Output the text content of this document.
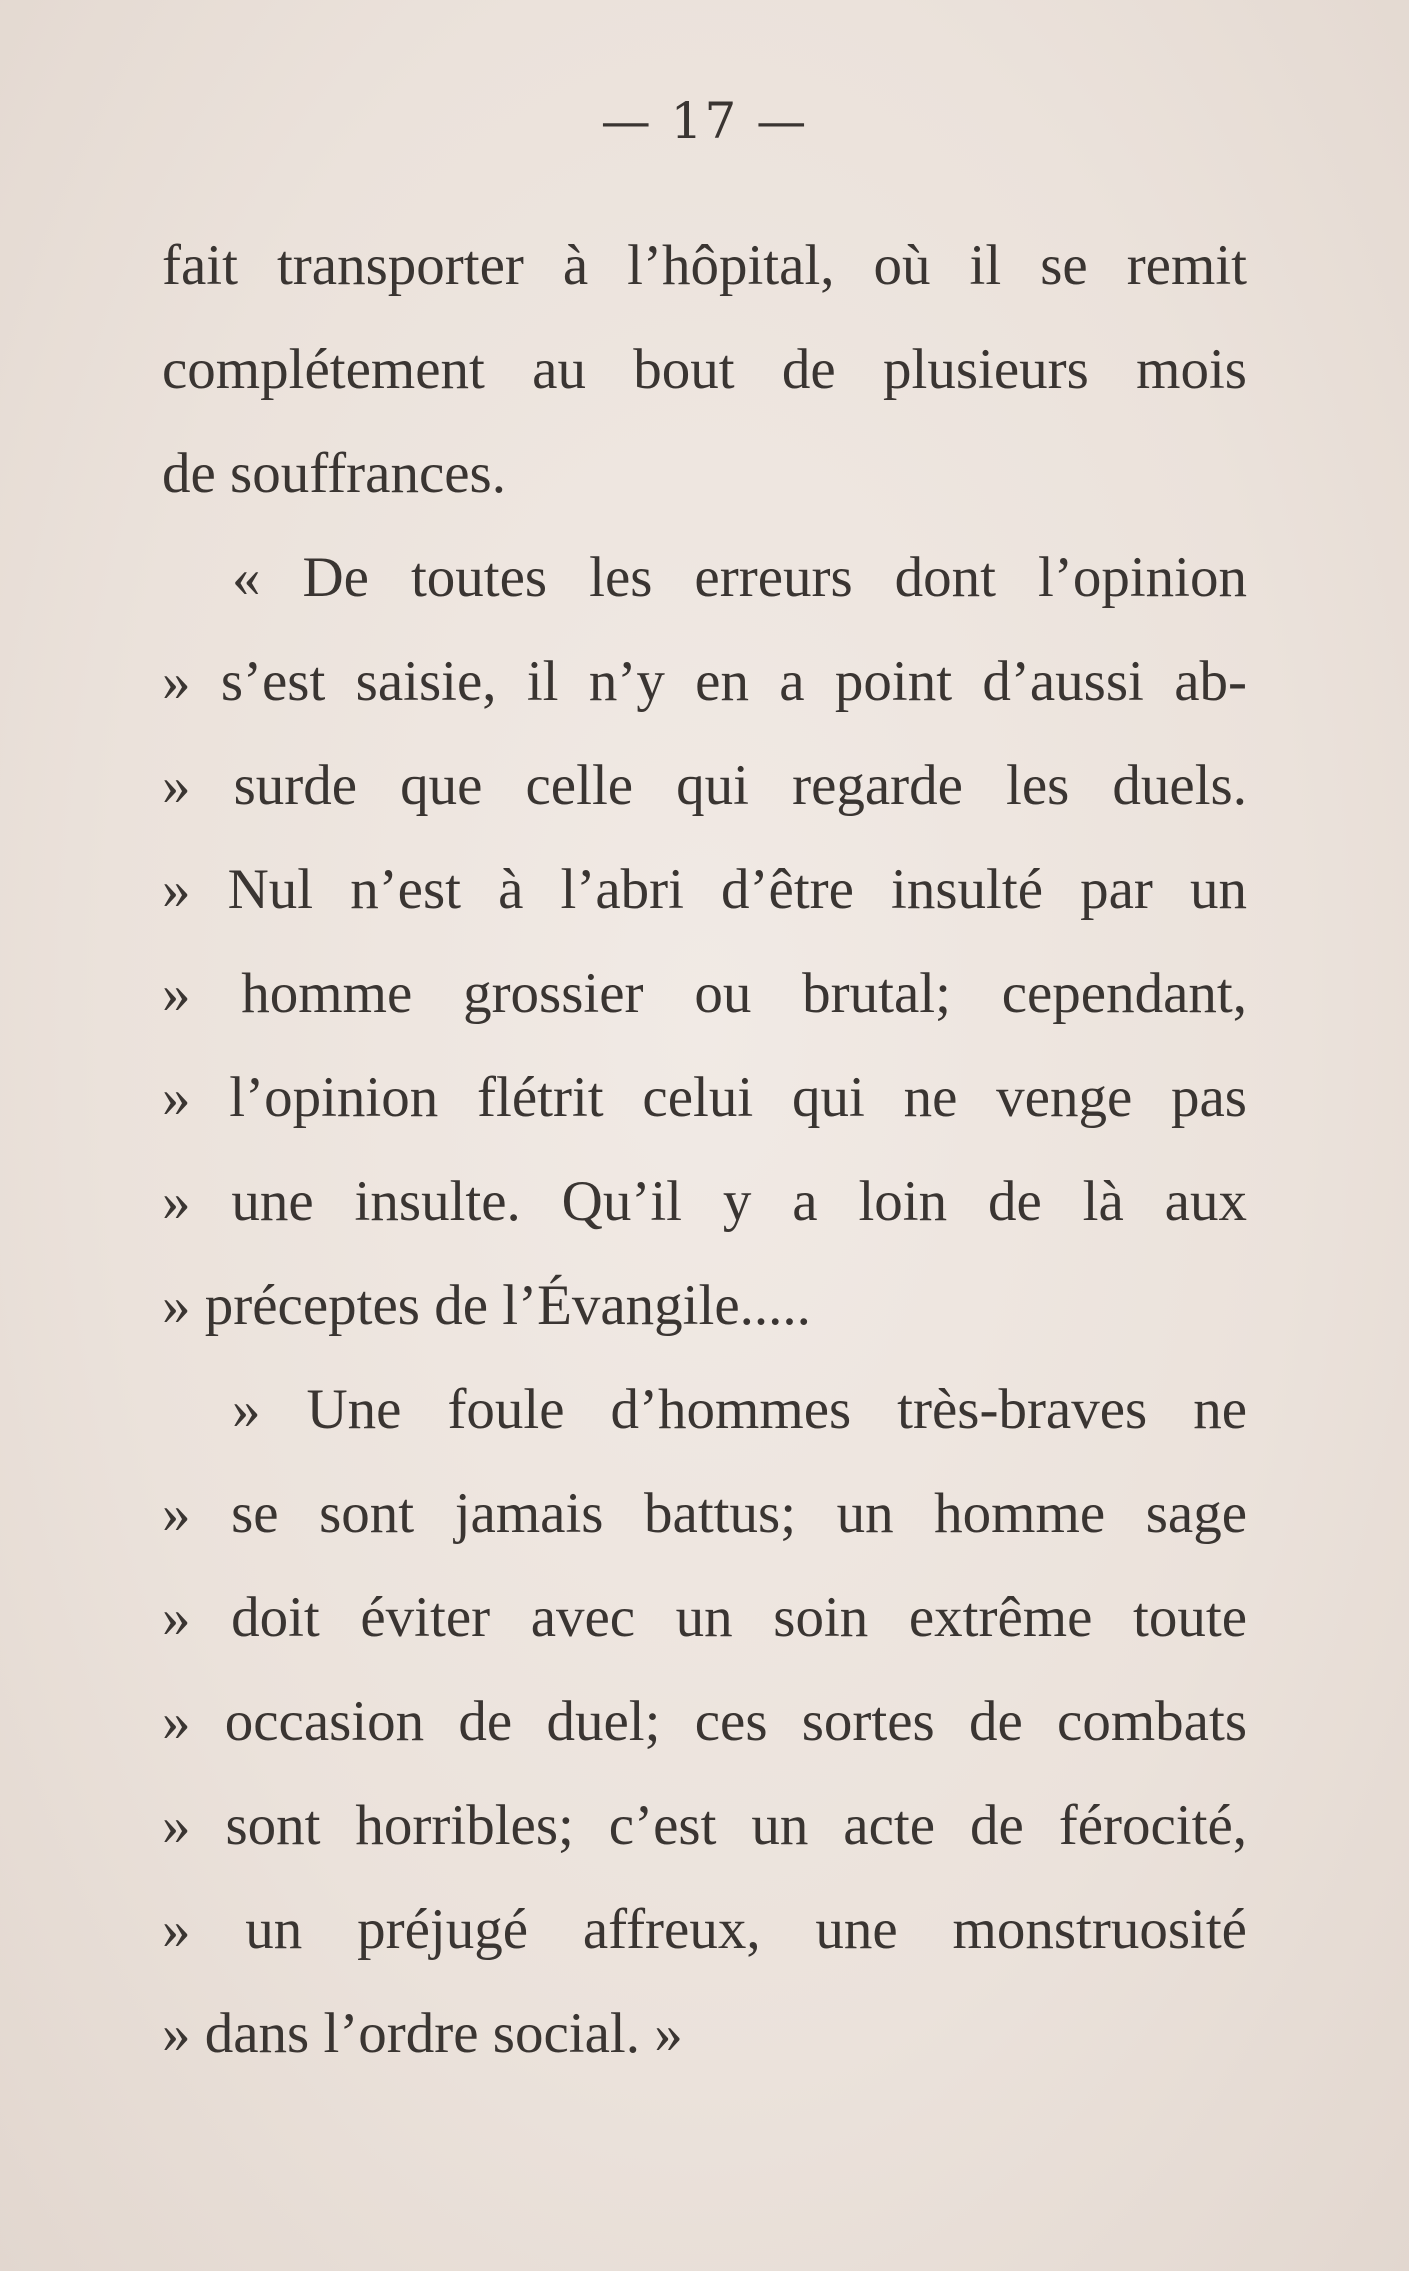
— 17 —
fait transporter à l’hôpital, où il se remit
complétement au bout de plusieurs mois
de souffrances.
« De toutes les erreurs dont l’opinion
» s’est saisie, il n’y en a point d’aussi ab-
» surde que celle qui regarde les duels.
» Nul n’est à l’abri d’être insulté par un
» homme grossier ou brutal; cependant,
» l’opinion flétrit celui qui ne venge pas
» une insulte. Qu’il y a loin de là aux
» préceptes de l’Évangile.....
» Une foule d’hommes très-braves ne
» se sont jamais battus; un homme sage
» doit éviter avec un soin extrême toute
» occasion de duel; ces sortes de combats
» sont horribles; c’est un acte de férocité,
» un préjugé affreux, une monstruosité
» dans l’ordre social. »
